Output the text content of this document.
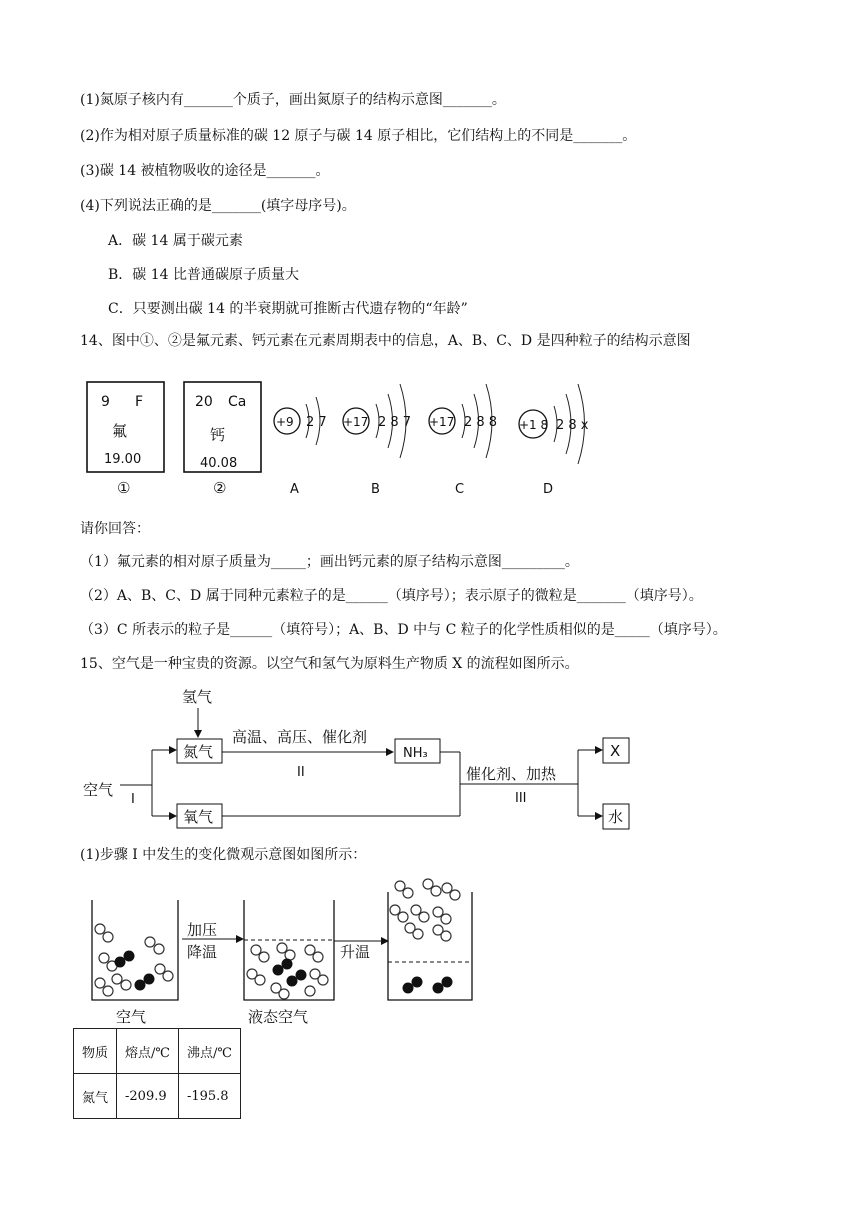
(1)氮原子核内有_______个质子，画出氮原子的结构示意图_______。
(2)作为相对原子质量标准的碳 12 原子与碳 14 原子相比，它们结构上的不同是_______。
(3)碳 14 被植物吸收的途径是_______。
(4)下列说法正确的是_______(填字母序号)。
A．碳 14 属于碳元素
B．碳 14 比普通碳原子质量大
C．只要测出碳 14 的半衰期就可推断古代遗存物的“年龄”
14、图中①、②是氟元素、钙元素在元素周期表中的信息，A、B、C、D 是四种粒子的结构示意图
9 F
氟
19.00
①
20 Ca
钙
40.08
②
+9 2 7
A
+17 2 8 7
B
+17 2 8 8
C
+1 8 2 8 x
D
请你回答：
（1）氟元素的相对原子质量为_____；画出钙元素的原子结构示意图_________。
（2）A、B、C、D 属于同种元素粒子的是______（填序号）；表示原子的微粒是_______（填序号）。
（3）C 所表示的粒子是______（填符号）；A、B、D 中与 C 粒子的化学性质相似的是_____（填序号）。
15、空气是一种宝贵的资源。以空气和氢气为原料生产物质 X 的流程如图所示。
氢气
氮气
高温、高压、催化剂
II
NH₃
空气
I
氧气
催化剂、加热
III
X
水
(1)步骤 I 中发生的变化微观示意图如图所示：
空气
加压
降温
液态空气
升温
物质	熔点/℃	沸点/℃
氮气	-209.9	-195.8
